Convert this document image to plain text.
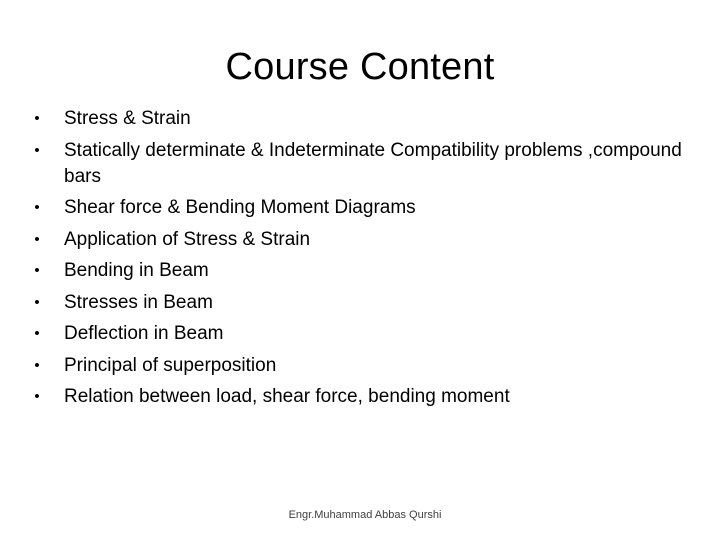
Course Content
• Stress & Strain
• Statically determinate & Indeterminate Compatibility problems ,compound bars
• Shear force & Bending Moment Diagrams
• Application of Stress & Strain
• Bending in Beam
• Stresses in Beam
• Deflection in Beam
• Principal of superposition
• Relation between load, shear force, bending moment
Engr.Muhammad Abbas Qurshi
